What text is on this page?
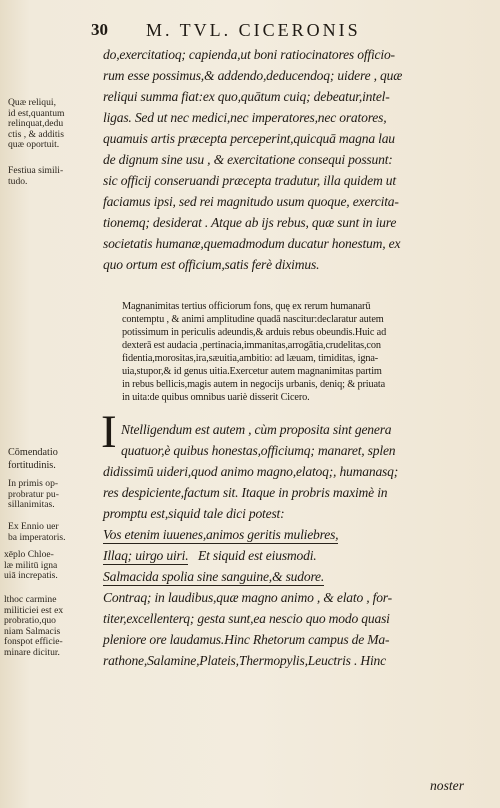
30 M. TVL. CICERONIS
do,exercitatioq; capienda,ut boni ratiocinatores officio-
rum esse possimus,& addendo,deducendoq; uidere , quæ
reliqui summa fiat:ex quo,quātum cuiq; debeatur,intel-
ligas. Sed ut nec medici,nec imperatores,nec oratores,
quamuis artis præcepta perceperint,quicquā magna lau
de dignum sine usu , & exercitatione consequi possunt:
sic officij conseruandi præcepta tradutur, illa quidem ut
faciamus ipsi, sed rei magnitudo usum quoque, exercita-
tionemq; desiderat . Atque ab ijs rebus, quæ sunt in iure
societatis humanæ,quemadmodum ducatur honestum, ex
quo ortum est officium,satis ferè diximus.
Magnanimitas tertius officiorum fons, quę ex rerum humanarū
contemptu , & animi amplitudine quadā nascitur:declaratur autem
potissimum in periculis adeundis,& arduis rebus obeundis.Huic ad
dexterā est audacia ,pertinacia,immanitas,arrogātia,crudelitas,con
fidentia,morositas,ira,sæuitia,ambitio: ad læuam, timiditas, igna-
uia,stupor,& id genus uitia.Exercetur autem magnanimitas partim
in rebus bellicis,magis autem in negocijs urbanis, deniq; & priuata
in uita:de quibus omnibus uariè disserit Cicero.
I Ntelligendum est autem , cùm proposita sint genera
quatuor,è quibus honestas,officiumq; manaret, splen
didissimū uideri,quod animo magno,elatoq;, humanasq;
res despiciente,factum sit. Itaque in probris maximè in
promptu est,siquid tale dici potest:
Vos etenim iuuenes,animos geritis muliebres,
Illaq; uirgo uiri. Et siquid est eiusmodi.
Salmacida spolia sine sanguine,& sudore.
Contraq; in laudibus,quæ magno animo , & elato , for-
titer,excellenterq; gesta sunt,ea nescio quo modo quasi
pleniore ore laudamus.Hinc Rhetorum campus de Ma-
rathone,Salamine,Plateis,Thermopylis,Leuctris . Hinc
noster
Quæ reliqui,
id est,quantum
relinquat,dedu
ctis , & additis
quæ oportuit.
Festiua simili-
tudo.
Cōmendatio
fortitudinis.
In primis op-
probratur pu-
sillanimitas.
Ex Ennio uer
ba imperatoris.
xēplo Chloe-
læ militū igna
uiā increpatis.
lthoc carmine
militiciei est ex
probratio,quo
niam Salmacis
fonspot efficie-
minare dicitur.
